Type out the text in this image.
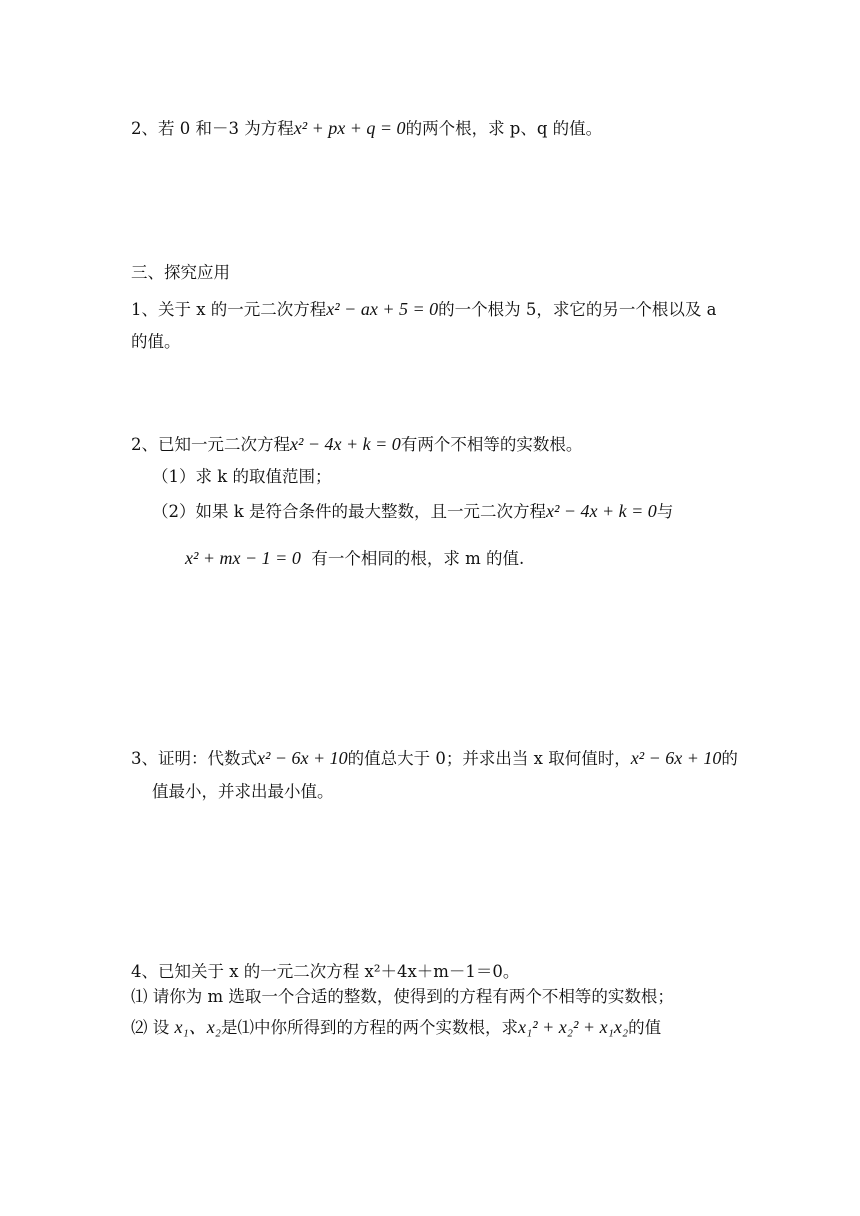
2、若 0 和－3 为方程x² + px + q = 0的两个根，求 p、q 的值。
三、探究应用
1、关于 x 的一元二次方程x² − ax + 5 = 0的一个根为 5，求它的另一个根以及 a
的值。
2、已知一元二次方程x² − 4x + k = 0有两个不相等的实数根。
（1）求 k 的取值范围；
（2）如果 k 是符合条件的最大整数，且一元二次方程x² − 4x + k = 0与
x² + mx − 1 = 0 有一个相同的根，求 m 的值.
3、证明：代数式x² − 6x + 10的值总大于 0；并求出当 x 取何值时，x² − 6x + 10的
值最小，并求出最小值。
4、已知关于 x 的一元二次方程 x²＋4x＋m－1＝0。
⑴ 请你为 m 选取一个合适的整数，使得到的方程有两个不相等的实数根；
⑵ 设 x₁、x₂是⑴中你所得到的方程的两个实数根，求x₁² + x₂² + x₁x₂的值
